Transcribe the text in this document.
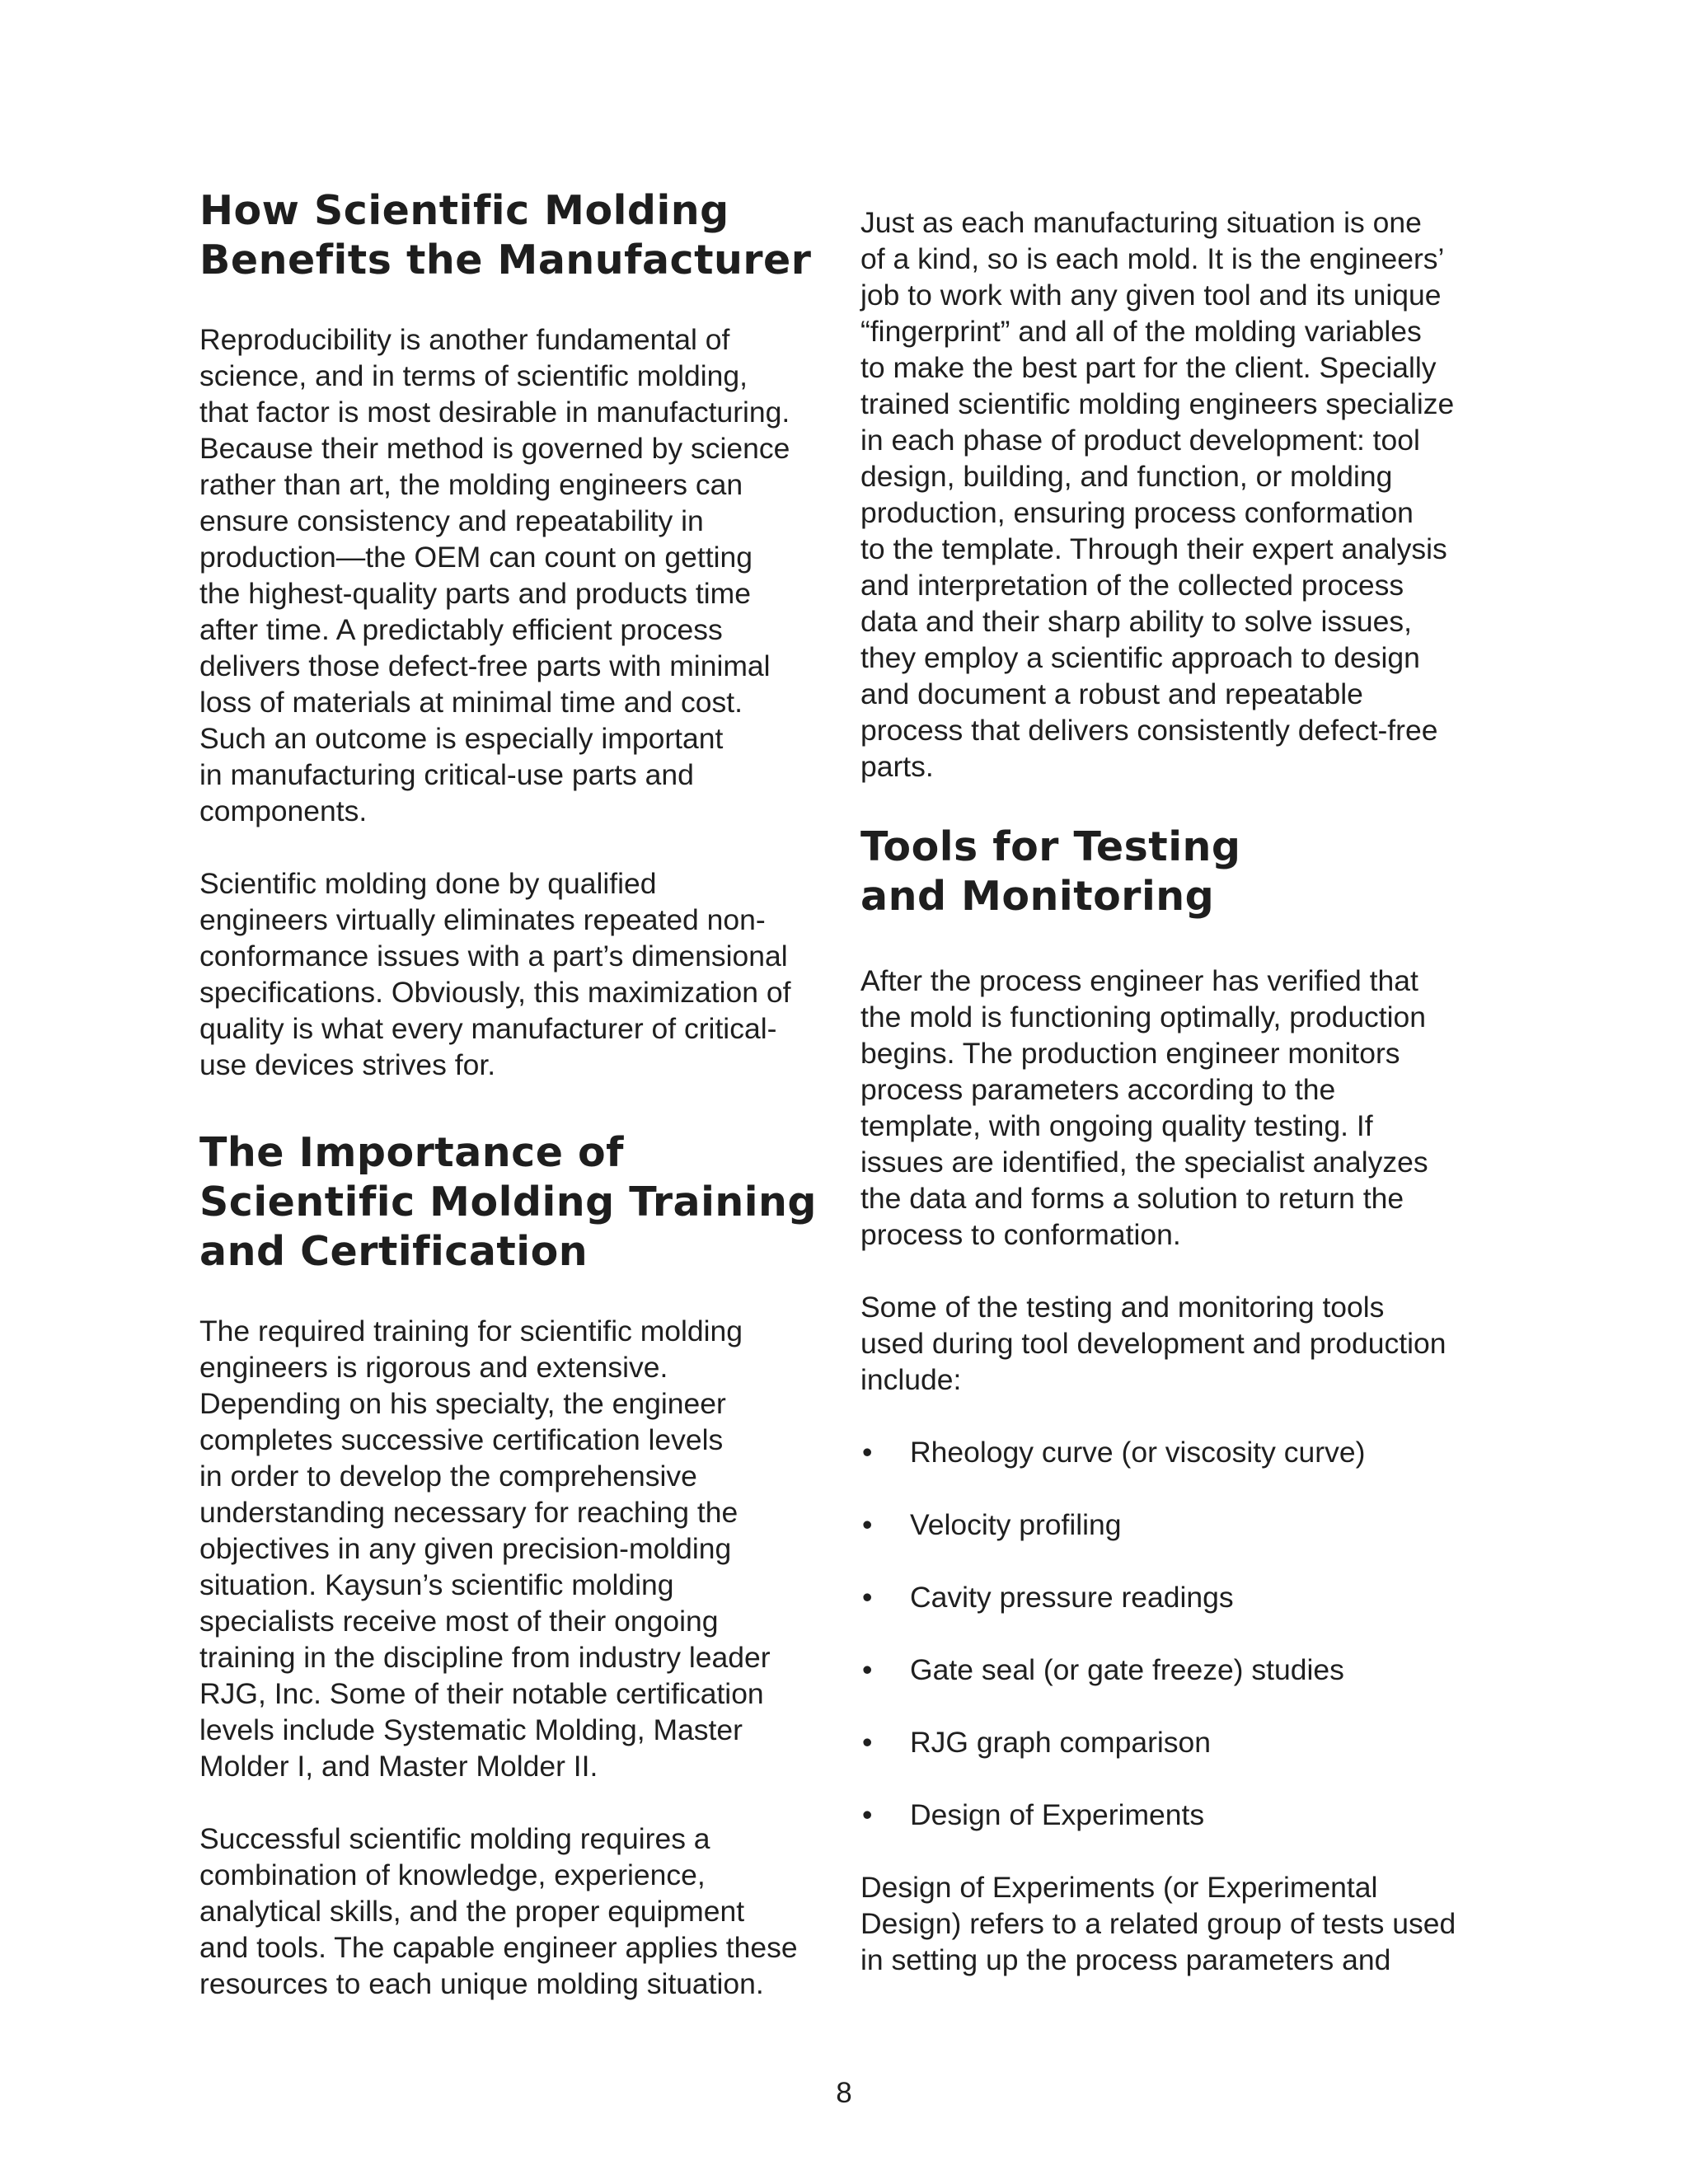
How Scientific Molding
Benefits the Manufacturer

Reproducibility is another fundamental of
science, and in terms of scientific molding,
that factor is most desirable in manufacturing.
Because their method is governed by science
rather than art, the molding engineers can
ensure consistency and repeatability in
production—the OEM can count on getting
the highest-quality parts and products time
after time. A predictably efficient process
delivers those defect-free parts with minimal
loss of materials at minimal time and cost.
Such an outcome is especially important
in manufacturing critical-use parts and
components.

Scientific molding done by qualified
engineers virtually eliminates repeated non-
conformance issues with a part’s dimensional
specifications. Obviously, this maximization of
quality is what every manufacturer of critical-
use devices strives for.

The Importance of
Scientific Molding Training
and Certification

The required training for scientific molding
engineers is rigorous and extensive.
Depending on his specialty, the engineer
completes successive certification levels
in order to develop the comprehensive
understanding necessary for reaching the
objectives in any given precision-molding
situation. Kaysun’s scientific molding
specialists receive most of their ongoing
training in the discipline from industry leader
RJG, Inc. Some of their notable certification
levels include Systematic Molding, Master
Molder I, and Master Molder II.

Successful scientific molding requires a
combination of knowledge, experience,
analytical skills, and the proper equipment
and tools. The capable engineer applies these
resources to each unique molding situation.

Just as each manufacturing situation is one
of a kind, so is each mold. It is the engineers’
job to work with any given tool and its unique
“fingerprint” and all of the molding variables
to make the best part for the client. Specially
trained scientific molding engineers specialize
in each phase of product development: tool
design, building, and function, or molding
production, ensuring process conformation
to the template. Through their expert analysis
and interpretation of the collected process
data and their sharp ability to solve issues,
they employ a scientific approach to design
and document a robust and repeatable
process that delivers consistently defect-free
parts.

Tools for Testing
and Monitoring

After the process engineer has verified that
the mold is functioning optimally, production
begins. The production engineer monitors
process parameters according to the
template, with ongoing quality testing. If
issues are identified, the specialist analyzes
the data and forms a solution to return the
process to conformation.

Some of the testing and monitoring tools
used during tool development and production
include:

• Rheology curve (or viscosity curve)
• Velocity profiling
• Cavity pressure readings
• Gate seal (or gate freeze) studies
• RJG graph comparison
• Design of Experiments

Design of Experiments (or Experimental
Design) refers to a related group of tests used
in setting up the process parameters and

8
